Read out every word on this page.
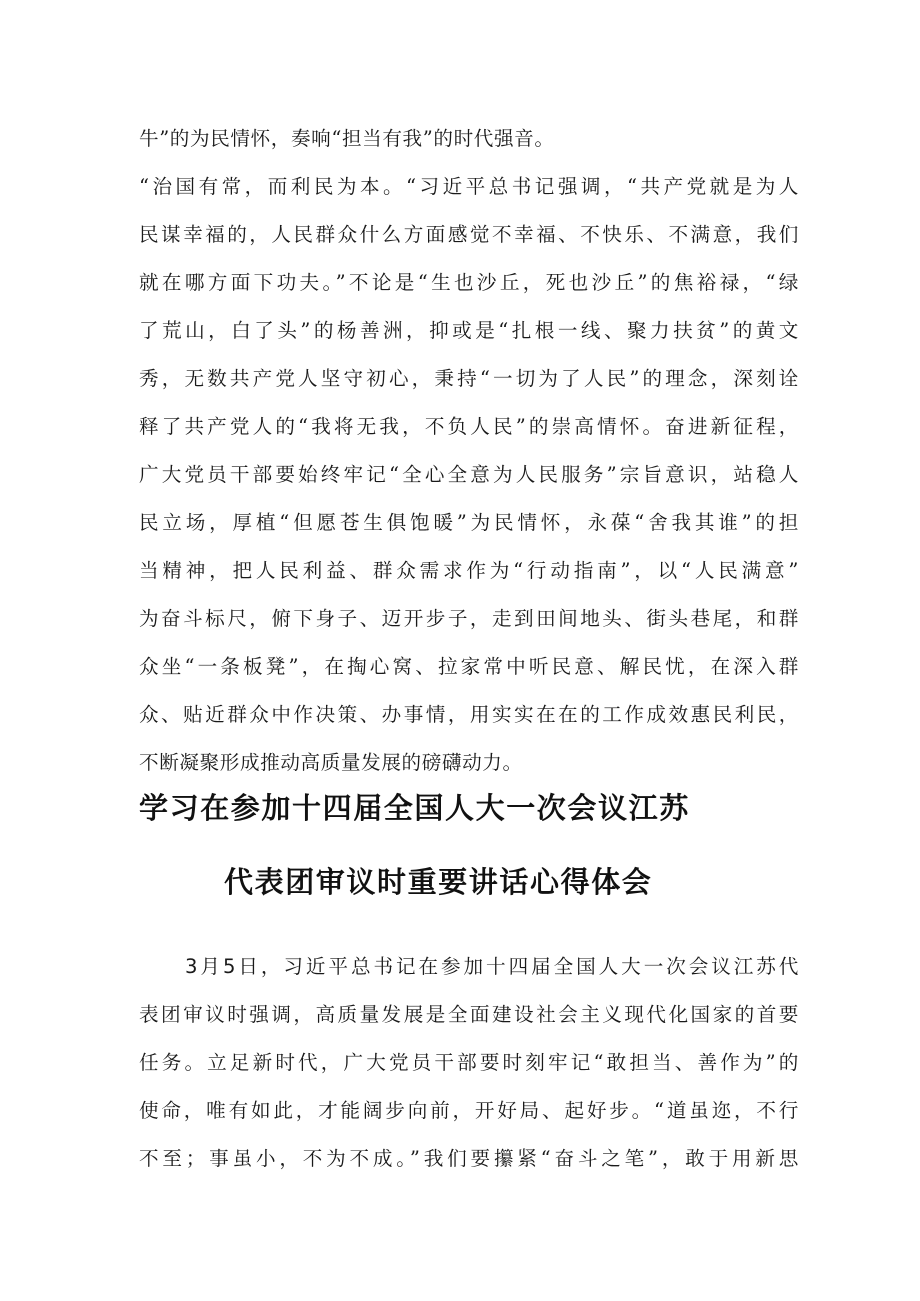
牛”的为民情怀，奏响“担当有我”的时代强音。
“治国有常，而利民为本。“习近平总书记强调，“共产党就是为人
民谋幸福的，人民群众什么方面感觉不幸福、不快乐、不满意，我们
就在哪方面下功夫。”不论是“生也沙丘，死也沙丘”的焦裕禄，“绿
了荒山，白了头”的杨善洲，抑或是“扎根一线、聚力扶贫”的黄文
秀，无数共产党人坚守初心，秉持“一切为了人民”的理念，深刻诠
释了共产党人的“我将无我，不负人民”的崇高情怀。奋进新征程，
广大党员干部要始终牢记“全心全意为人民服务”宗旨意识，站稳人
民立场，厚植“但愿苍生俱饱暖”为民情怀，永葆“舍我其谁”的担
当精神，把人民利益、群众需求作为“行动指南”，以“人民满意”
为奋斗标尺，俯下身子、迈开步子，走到田间地头、街头巷尾，和群
众坐“一条板凳”，在掏心窝、拉家常中听民意、解民忧，在深入群
众、贴近群众中作决策、办事情，用实实在在的工作成效惠民利民，
不断凝聚形成推动高质量发展的磅礴动力。
学习在参加十四届全国人大一次会议江苏
代表团审议时重要讲话心得体会
3月5日，习近平总书记在参加十四届全国人大一次会议江苏代
表团审议时强调，高质量发展是全面建设社会主义现代化国家的首要
任务。立足新时代，广大党员干部要时刻牢记“敢担当、善作为”的
使命，唯有如此，才能阔步向前，开好局、起好步。“道虽迩，不行
不至；事虽小，不为不成。”我们要攥紧“奋斗之笔”，敢于用新思
